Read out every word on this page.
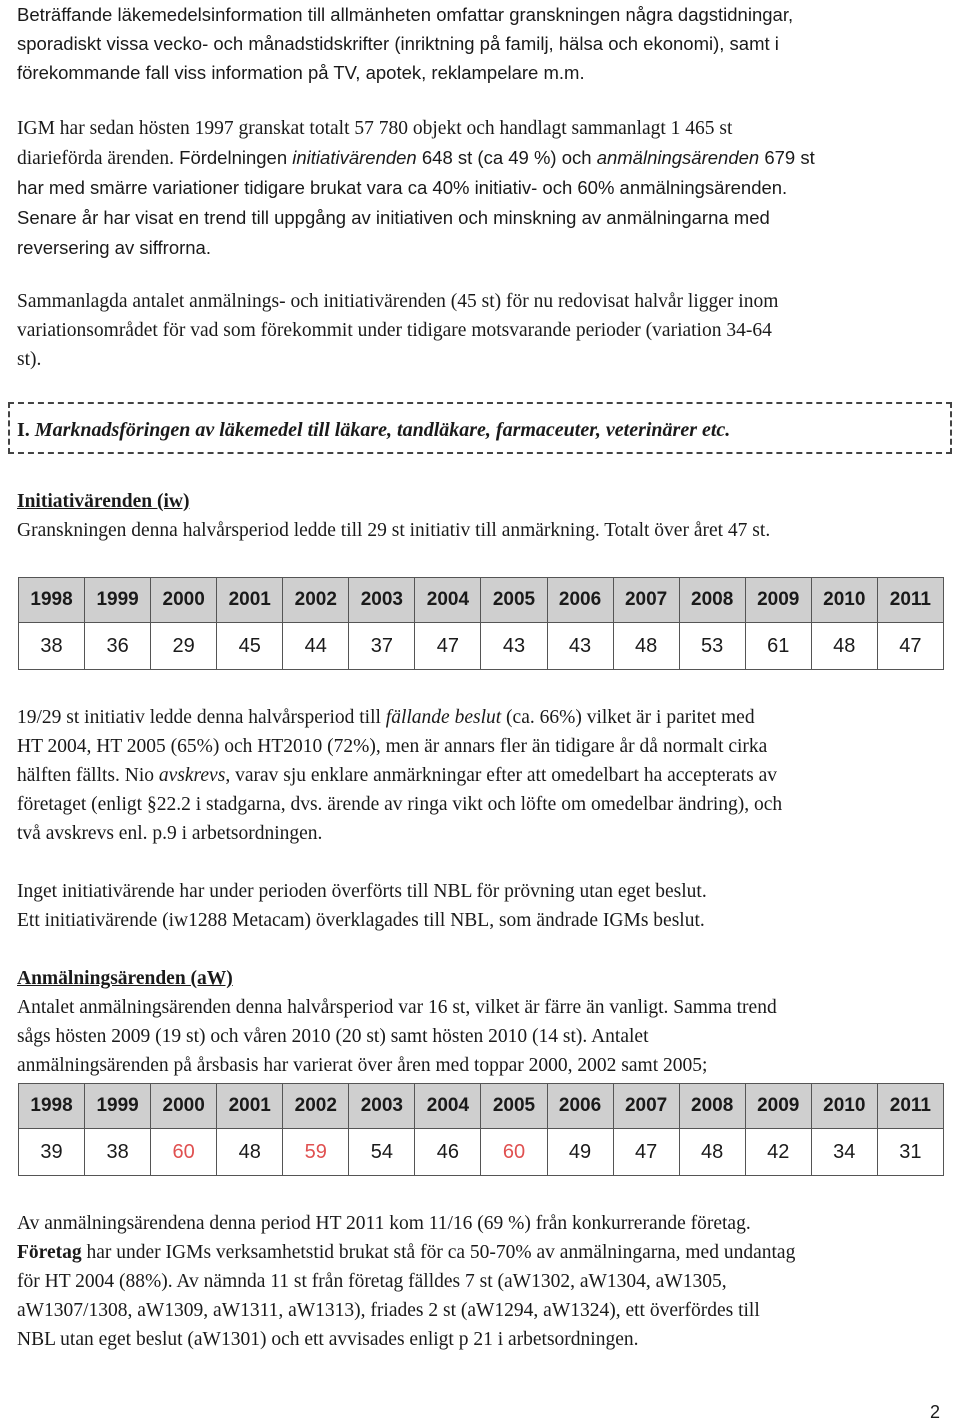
Beträffande läkemedelsinformation till allmänheten omfattar granskningen några dagstidningar,
sporadiskt vissa vecko- och månadstidskrifter (inriktning på familj, hälsa och ekonomi), samt i
förekommande fall viss information på TV, apotek, reklampelare m.m.

IGM har sedan hösten 1997 granskat totalt 57 780 objekt och handlagt sammanlagt 1 465 st
diarieförda ärenden. Fördelningen initiativärenden 648 st (ca 49 %) och anmälningsärenden 679 st
har med smärre variationer tidigare brukat vara ca 40% initiativ- och 60% anmälningsärenden.
Senare år har visat en trend till uppgång av initiativen och minskning av anmälningarna med
reversering av siffrorna.

Sammanlagda antalet anmälnings- och initiativärenden (45 st) för nu redovisat halvår ligger inom
variationsområdet för vad som förekommit under tidigare motsvarande perioder (variation 34-64
st).

I. Marknadsföringen av läkemedel till läkare, tandläkare, farmaceuter, veterinärer etc.

Initiativärenden (iw)
Granskningen denna halvårsperiod ledde till 29 st initiativ till anmärkning. Totalt över året 47 st.

1998	1999	2000	2001	2002	2003	2004	2005	2006	2007	2008	2009	2010	2011
38	36	29	45	44	37	47	43	43	48	53	61	48	47

19/29 st initiativ ledde denna halvårsperiod till fällande beslut (ca. 66%) vilket är i paritet med
HT 2004, HT 2005 (65%) och HT2010 (72%), men är annars fler än tidigare år då normalt cirka
hälften fällts. Nio avskrevs, varav sju enklare anmärkningar efter att omedelbart ha accepterats av
företaget (enligt §22.2 i stadgarna, dvs. ärende av ringa vikt och löfte om omedelbar ändring), och
två avskrevs enl. p.9 i arbetsordningen.

Inget initiativärende har under perioden överförts till NBL för prövning utan eget beslut.
Ett initiativärende (iw1288 Metacam) överklagades till NBL, som ändrade IGMs beslut.

Anmälningsärenden (aW)
Antalet anmälningsärenden denna halvårsperiod var 16 st, vilket är färre än vanligt. Samma trend
sågs hösten 2009 (19 st) och våren 2010 (20 st) samt hösten 2010 (14 st). Antalet
anmälningsärenden på årsbasis har varierat över åren med toppar 2000, 2002 samt 2005;

1998	1999	2000	2001	2002	2003	2004	2005	2006	2007	2008	2009	2010	2011
39	38	60	48	59	54	46	60	49	47	48	42	34	31

Av anmälningsärendena denna period HT 2011 kom 11/16 (69 %) från konkurrerande företag.
Företag har under IGMs verksamhetstid brukat stå för ca 50-70% av anmälningarna, med undantag
för HT 2004 (88%). Av nämnda 11 st från företag fälldes 7 st (aW1302, aW1304, aW1305,
aW1307/1308, aW1309, aW1311, aW1313), friades 2 st (aW1294, aW1324), ett överfördes till
NBL utan eget beslut (aW1301) och ett avvisades enligt p 21 i arbetsordningen.

2
